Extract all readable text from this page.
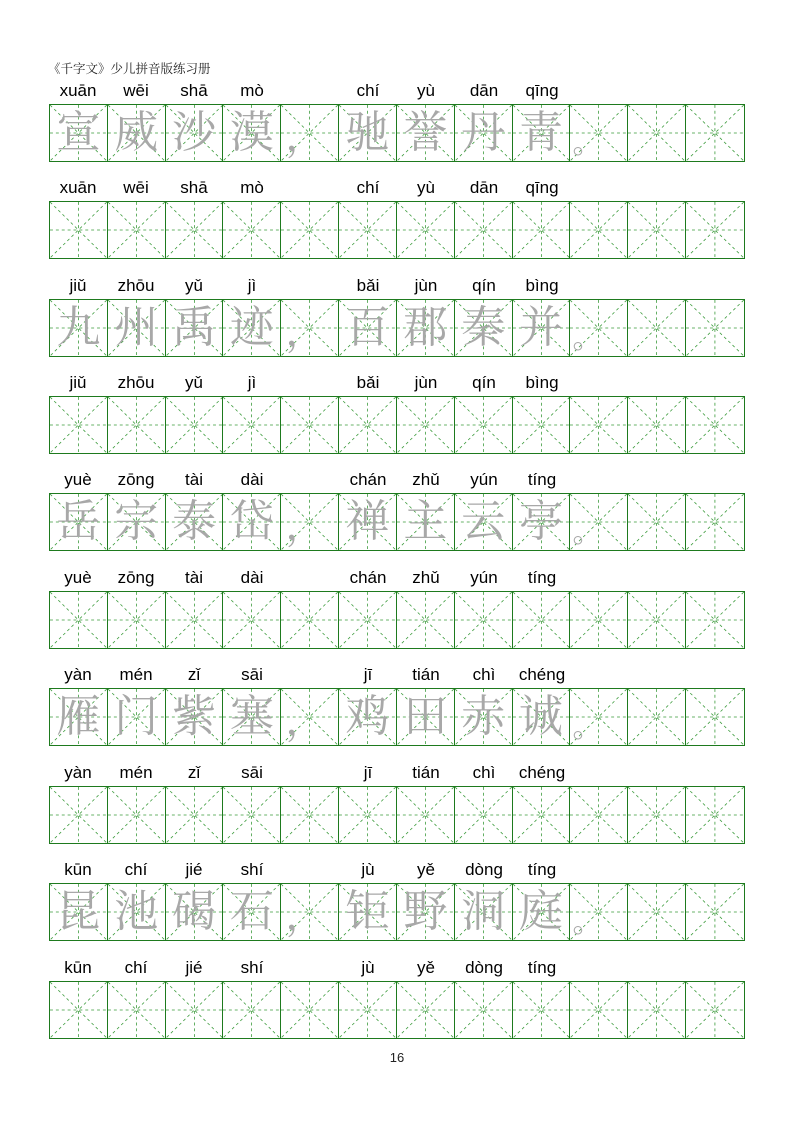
《千字文》少儿拼音版练习册
xuān	wēi	shā	mò	chí	yù	dān	qīng
宣 威 沙 漠 ， 驰 誉 丹 青 。
xuān	wēi	shā	mò	chí	yù	dān	qīng
jiǔ	zhōu	yǔ	jì	bǎi	jùn	qín	bìng
九 州 禹 迹 ， 百 郡 秦 并 。
jiǔ	zhōu	yǔ	jì	bǎi	jùn	qín	bìng
yuè	zōng	tài	dài	chán	zhǔ	yún	tíng
岳 宗 泰 岱 ， 禅 主 云 亭 。
yuè	zōng	tài	dài	chán	zhǔ	yún	tíng
yàn	mén	zǐ	sāi	jī	tián	chì	chéng
雁 门 紫 塞 ， 鸡 田 赤 诚 。
yàn	mén	zǐ	sāi	jī	tián	chì	chéng
kūn	chí	jié	shí	jù	yě	dòng	tíng
昆 池 碣 石 ， 钜 野 洞 庭 。
kūn	chí	jié	shí	jù	yě	dòng	tíng
16
